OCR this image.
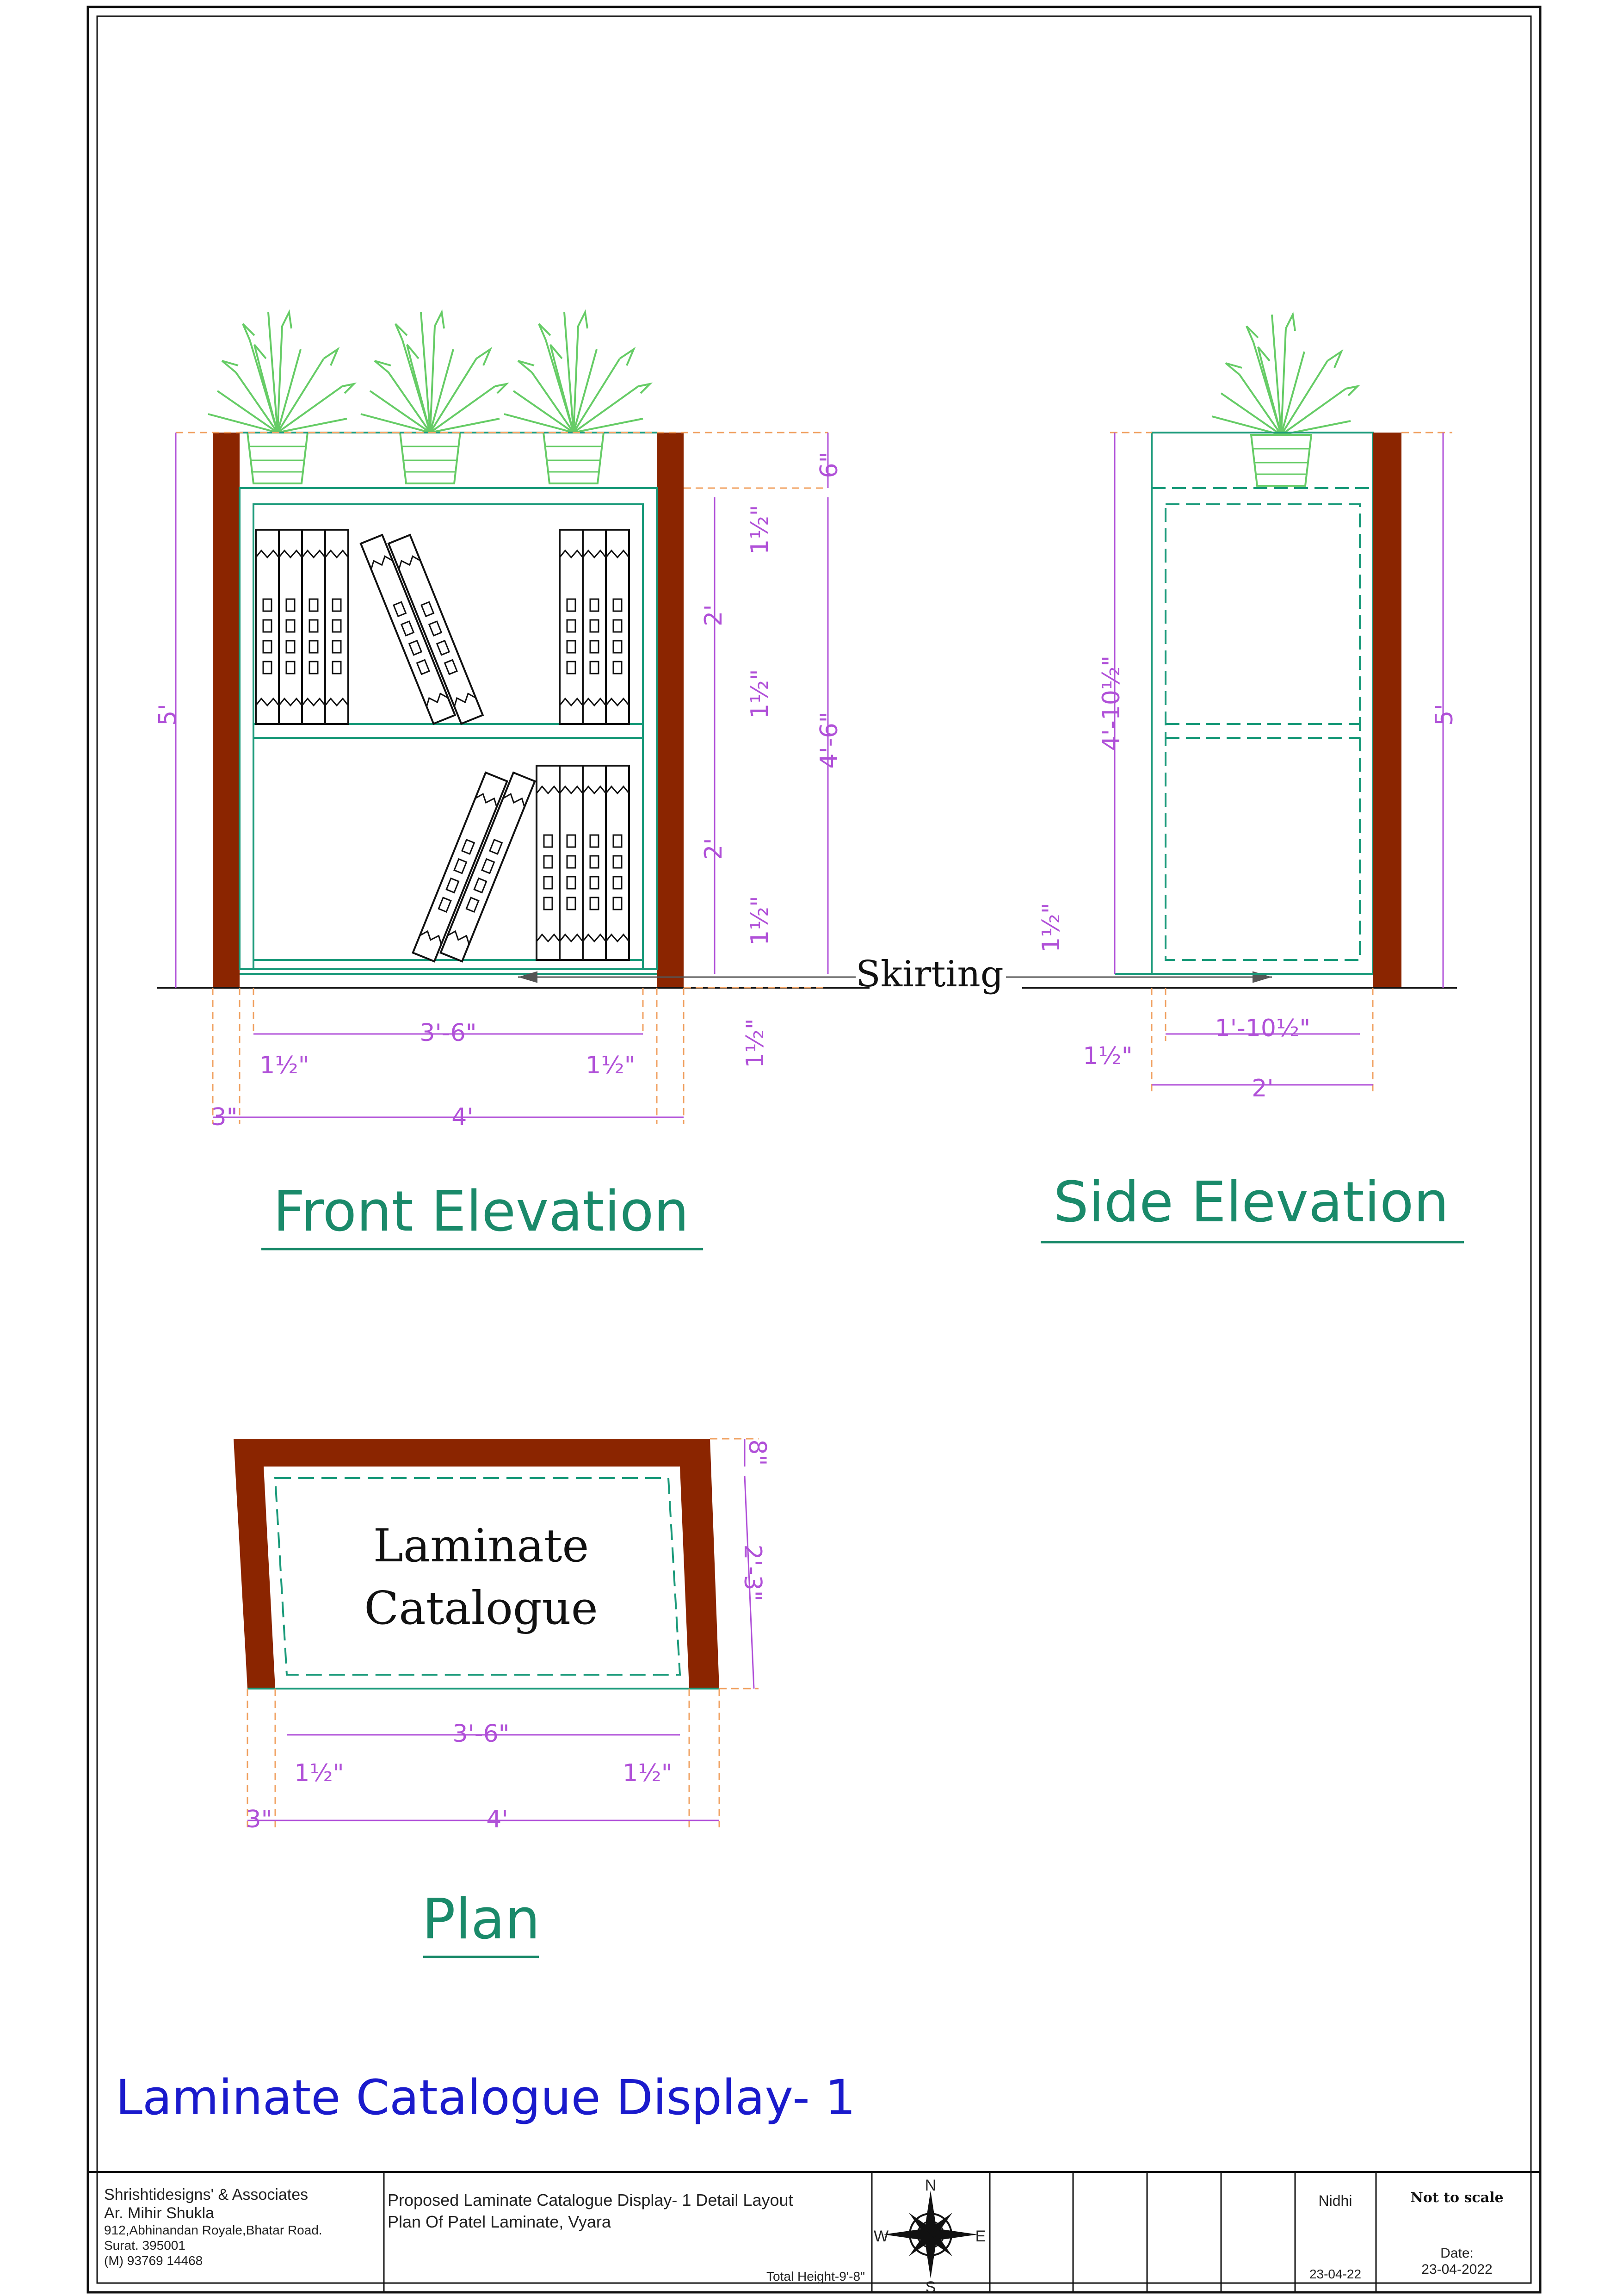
5'
6"
1½"
2'
1½"
2'
1½"
4'-6"
1½"
3'-6"
1½"	1½"
3"	4'
Skirting
Front Elevation
4'-10½"	5'
1½"
1'-10½"
1½"
2'
Side Elevation
Laminate
Catalogue
8"
2'-3"
3'-6"
1½"	1½"
3"	4'
Plan
Laminate Catalogue Display- 1
Shrishtidesigns' & Associates
Ar. Mihir Shukla
912,Abhinandan Royale,Bhatar Road.
Surat. 395001
(M) 93769 14468
Proposed Laminate Catalogue Display- 1 Detail Layout
Plan Of Patel Laminate, Vyara
Total Height-9'-8"
N
S
E
W
Nidhi
23-04-22
Not to scale
Date:
23-04-2022
